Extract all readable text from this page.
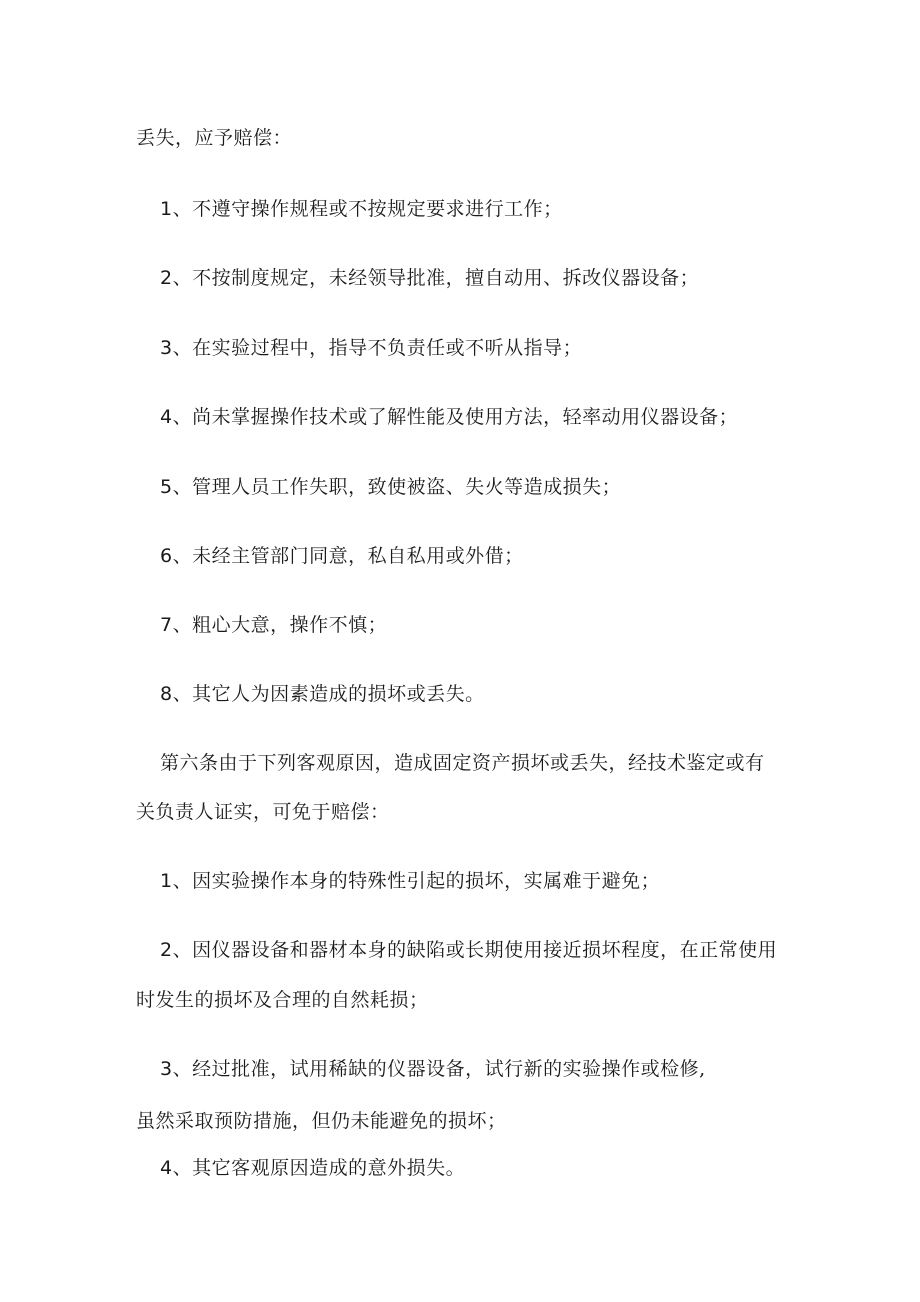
丢失，应予赔偿：
1、不遵守操作规程或不按规定要求进行工作；
2、不按制度规定，未经领导批准，擅自动用、拆改仪器设备；
3、在实验过程中，指导不负责任或不听从指导；
4、尚未掌握操作技术或了解性能及使用方法，轻率动用仪器设备；
5、管理人员工作失职，致使被盗、失火等造成损失；
6、未经主管部门同意，私自私用或外借；
7、粗心大意，操作不慎；
8、其它人为因素造成的损坏或丢失。
第六条由于下列客观原因，造成固定资产损坏或丢失，经技术鉴定或有
关负责人证实，可免于赔偿：
1、因实验操作本身的特殊性引起的损坏，实属难于避免；
2、因仪器设备和器材本身的缺陷或长期使用接近损坏程度，在正常使用
时发生的损坏及合理的自然耗损；
3、经过批准，试用稀缺的仪器设备，试行新的实验操作或检修,
虽然采取预防措施，但仍未能避免的损坏；
4、其它客观原因造成的意外损失。
